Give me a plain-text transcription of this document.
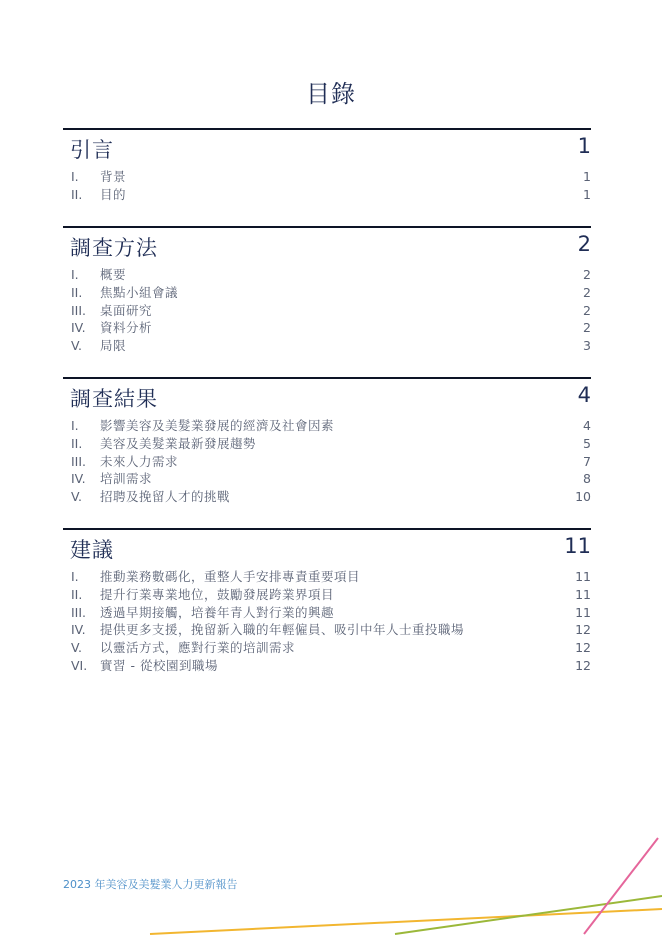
目錄
引言	1
I. 背景	1
II. 目的	1
調查方法	2
I. 概要	2
II. 焦點小組會議	2
III. 桌面研究	2
IV. 資料分析	2
V. 局限	3
調查結果	4
I. 影響美容及美髮業發展的經濟及社會因素	4
II. 美容及美髮業最新發展趨勢	5
III. 未來人力需求	7
IV. 培訓需求	8
V. 招聘及挽留人才的挑戰	10
建議	11
I. 推動業務數碼化，重整人手安排專責重要項目	11
II. 提升行業專業地位，鼓勵發展跨業界項目	11
III. 透過早期接觸，培養年青人對行業的興趣	11
IV. 提供更多支援，挽留新入職的年輕僱員、吸引中年人士重投職場	12
V. 以靈活方式，應對行業的培訓需求	12
VI. 實習 - 從校園到職場	12
2023 年美容及美髮業人力更新報告
